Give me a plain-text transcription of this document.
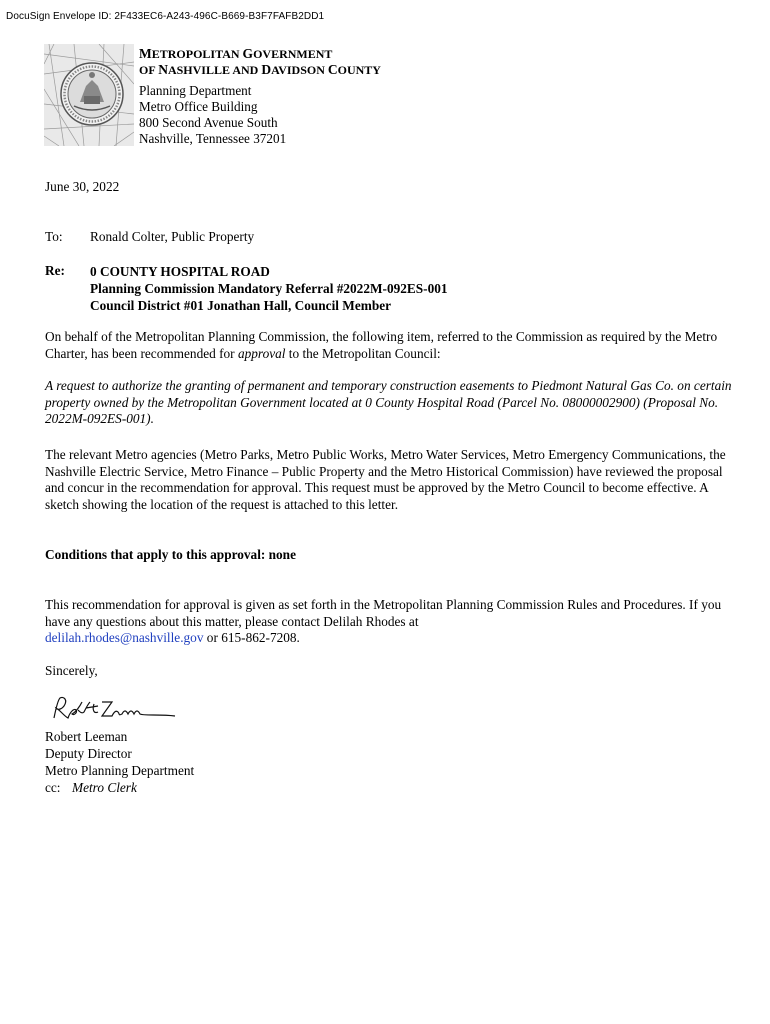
DocuSign Envelope ID: 2F433EC6-A243-496C-B669-B3F7FAFB2DD1
METROPOLITAN GOVERNMENT
OF NASHVILLE AND DAVIDSON COUNTY
Planning Department
Metro Office Building
800 Second Avenue South
Nashville, Tennessee 37201
June 30, 2022
To: Ronald Colter, Public Property
Re: 0 COUNTY HOSPITAL ROAD
Planning Commission Mandatory Referral #2022M-092ES-001
Council District #01 Jonathan Hall, Council Member
On behalf of the Metropolitan Planning Commission, the following item, referred to the Commission as required by the Metro Charter, has been recommended for approval to the Metropolitan Council:
A request to authorize the granting of permanent and temporary construction easements to Piedmont Natural Gas Co. on certain property owned by the Metropolitan Government located at 0 County Hospital Road (Parcel No. 08000002900) (Proposal No. 2022M-092ES-001).
The relevant Metro agencies (Metro Parks, Metro Public Works, Metro Water Services, Metro Emergency Communications, the Nashville Electric Service, Metro Finance – Public Property and the Metro Historical Commission) have reviewed the proposal and concur in the recommendation for approval. This request must be approved by the Metro Council to become effective. A sketch showing the location of the request is attached to this letter.
Conditions that apply to this approval: none
This recommendation for approval is given as set forth in the Metropolitan Planning Commission Rules and Procedures. If you have any questions about this matter, please contact Delilah Rhodes at
delilah.rhodes@nashville.gov or 615-862-7208.
Sincerely,
Robert Leeman
Deputy Director
Metro Planning Department
cc: Metro Clerk
